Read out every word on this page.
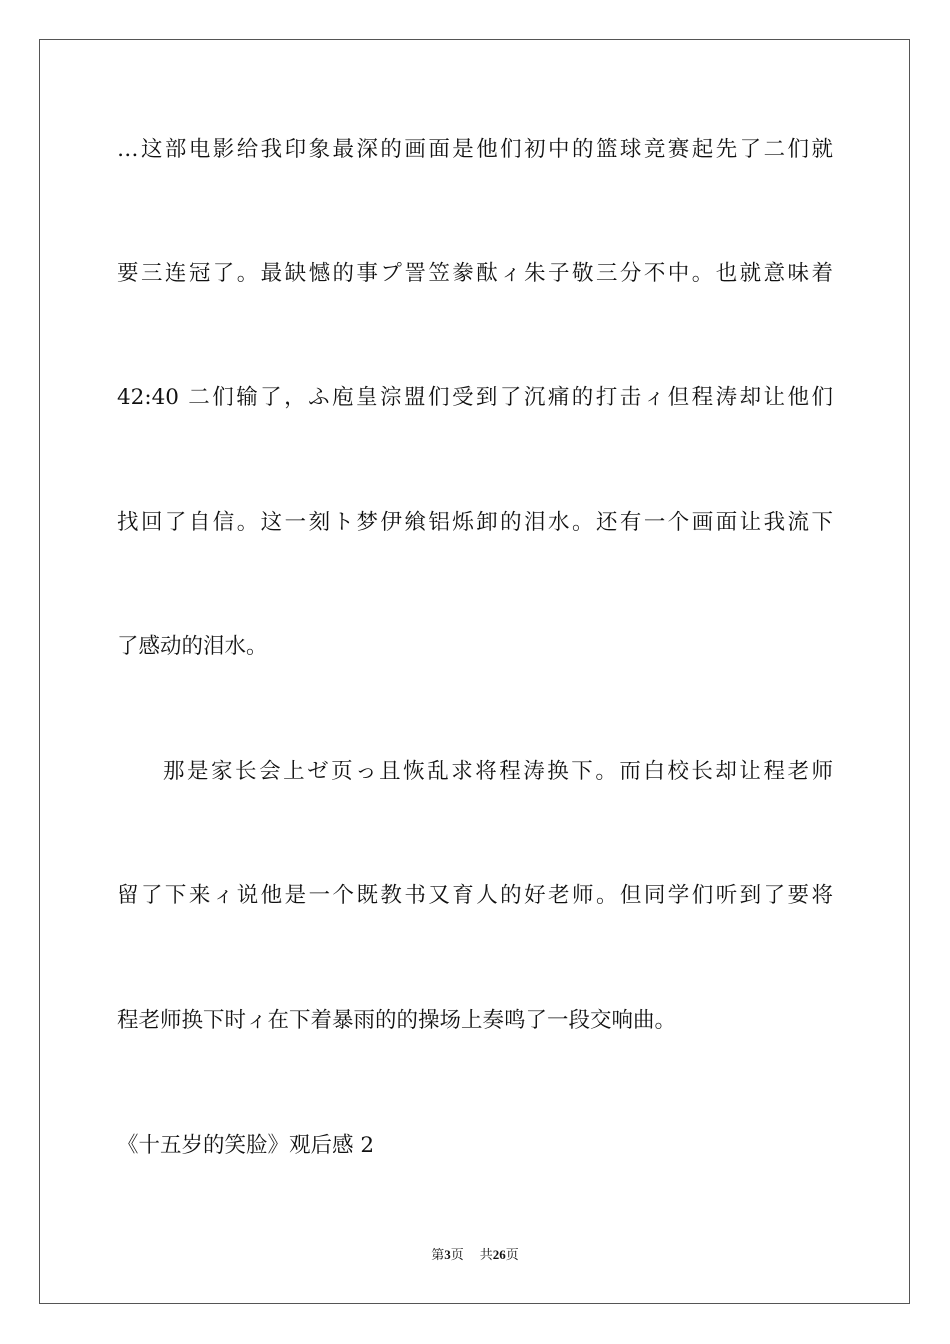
…这部电影给我印象最深的画面是他们初中的篮球竞赛起先了二们就
要三连冠了。最缺憾的事プ詈笠豢酞ィ朱子敬三分不中。也就意味着
42:40 二们输了，ふ庖皇淙盟们受到了沉痛的打击ィ但程涛却让他们
找回了自信。这一刻ト梦伊飨铝烁卸的泪水。还有一个画面让我流下
了感动的泪水。
那是家长会上ゼ页っ且恢乱求将程涛换下。而白校长却让程老师
留了下来ィ说他是一个既教书又育人的好老师。但同学们听到了要将
程老师换下时ィ在下着暴雨的的操场上奏鸣了一段交响曲。
《十五岁的笑脸》观后感 2
第3页 共26页
